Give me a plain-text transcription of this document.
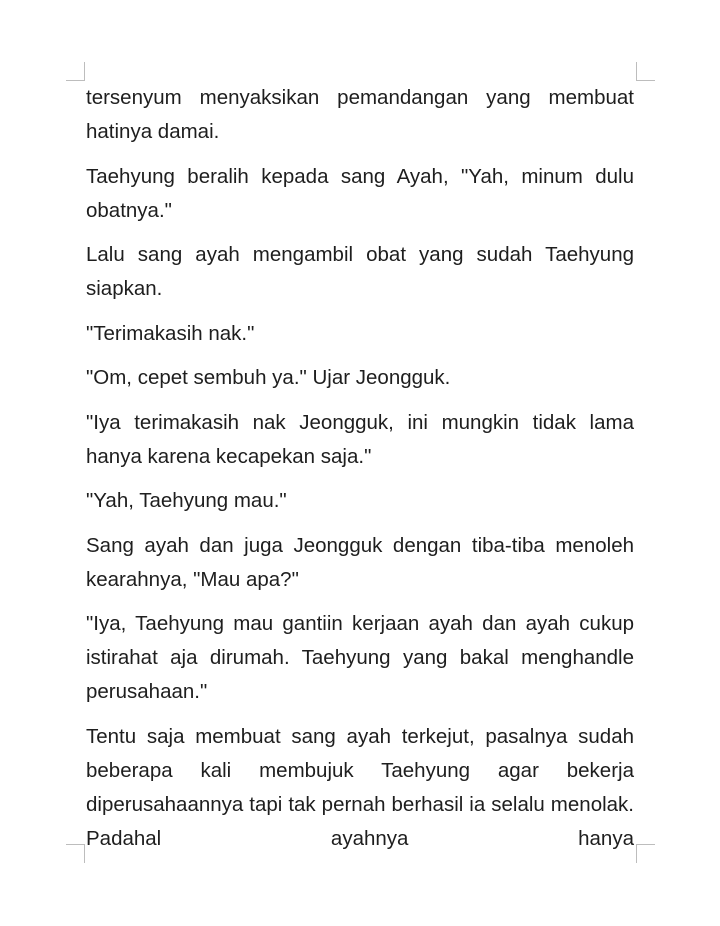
tersenyum menyaksikan pemandangan yang membuat hatinya damai.

Taehyung beralih kepada sang Ayah, "Yah, minum dulu obatnya."

Lalu sang ayah mengambil obat yang sudah Taehyung siapkan.

"Terimakasih nak."

"Om, cepet sembuh ya." Ujar Jeongguk.

"Iya terimakasih nak Jeongguk, ini mungkin tidak lama hanya karena kecapekan saja."

"Yah, Taehyung mau."

Sang ayah dan juga Jeongguk dengan tiba-tiba menoleh kearahnya, "Mau apa?"

"Iya, Taehyung mau gantiin kerjaan ayah dan ayah cukup istirahat aja dirumah. Taehyung yang bakal menghandle perusahaan."

Tentu saja membuat sang ayah terkejut, pasalnya sudah beberapa kali membujuk Taehyung agar bekerja diperusahaannya tapi tak pernah berhasil ia selalu menolak. Padahal ayahnya hanya
